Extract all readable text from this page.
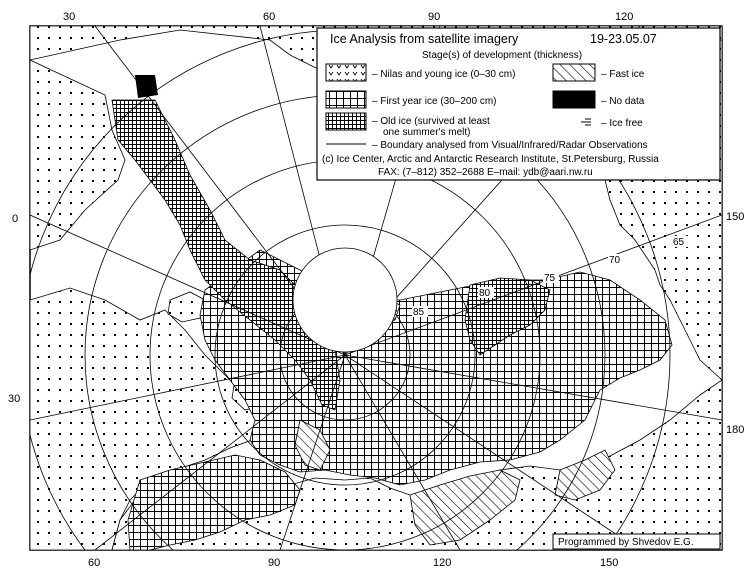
30	60	90	120
60	90	120	150
0
30
150
180
85
80
75
70
65
Ice Analysis from satellite imagery	19-23.05.07
Stage(s) of development (thickness)
– Nilas and young ice (0–30 cm)	– Fast ice
– First year ice (30–200 cm)	– No data
– Old ice (survived at least
one summer's melt)
– Ice free
– Boundary analysed from Visual/Infrared/Radar Observations
(c) Ice Center, Arctic and Antarctic Research Institute, St.Petersburg, Russia
FAX: (7–812) 352–2688 E–mail: ydb@aari.nw.ru
Programmed by Shvedov E.G.
